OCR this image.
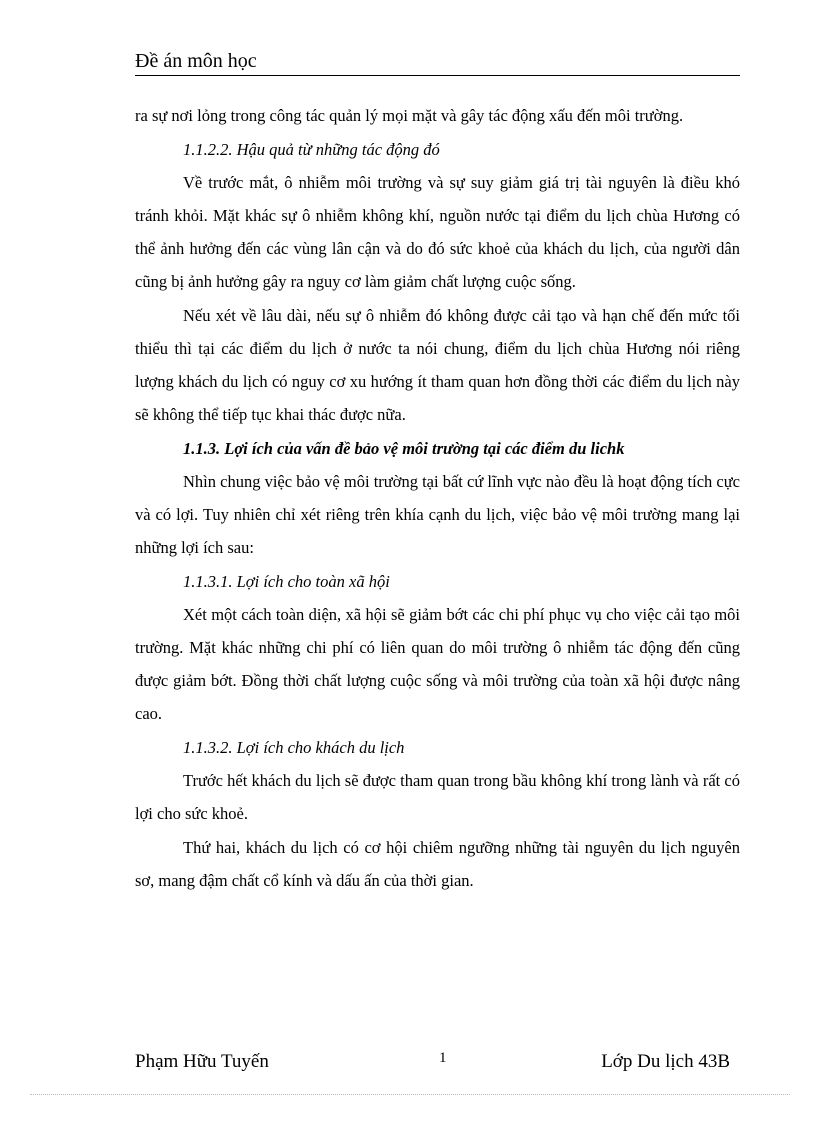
Đề án môn học

ra sự nơi lỏng trong công tác quản lý mọi mặt và gây tác động xấu đến môi trường.

1.1.2.2. Hậu quả từ những tác động đó

Về trước mắt, ô nhiễm môi trường và sự suy giảm giá trị tài nguyên là điều khó tránh khỏi. Mặt khác sự ô nhiễm không khí, nguồn nước tại điểm du lịch chùa Hương có thể ảnh hưởng đến các vùng lân cận và do đó sức khoẻ của khách du lịch, của người dân cũng bị ảnh hưởng gây ra nguy cơ làm giảm chất lượng cuộc sống.

Nếu xét về lâu dài, nếu sự ô nhiễm đó không được cải tạo và hạn chế đến mức tối thiểu thì tại các điểm du lịch ở nước ta nói chung, điểm du lịch chùa Hương nói riêng lượng khách du lịch có nguy cơ xu hướng ít tham quan hơn đồng thời các điểm du lịch này sẽ không thể tiếp tục khai thác được nữa.

1.1.3. Lợi ích của vấn đề bảo vệ môi trường tại các điểm du lichk

Nhìn chung việc bảo vệ môi trường tại bất cứ lĩnh vực nào đều là hoạt động tích cực và có lợi. Tuy nhiên chỉ xét riêng trên khía cạnh du lịch, việc bảo vệ môi trường mang lại những lợi ích sau:

1.1.3.1. Lợi ích cho toàn xã hội

Xét một cách toàn diện, xã hội sẽ giảm bớt các chi phí phục vụ cho việc cải tạo môi trường. Mặt khác những chi phí có liên quan do môi trường ô nhiễm tác động đến cũng được giảm bớt. Đồng thời chất lượng cuộc sống và môi trường của toàn xã hội được nâng cao.

1.1.3.2. Lợi ích cho khách du lịch

Trước hết khách du lịch sẽ được tham quan trong bầu không khí trong lành và rất có lợi cho sức khoẻ.

Thứ hai, khách du lịch có cơ hội chiêm ngưỡng những tài nguyên du lịch nguyên sơ, mang đậm chất cổ kính và dấu ấn của thời gian.

Phạm Hữu Tuyến	1	Lớp Du lịch 43B
